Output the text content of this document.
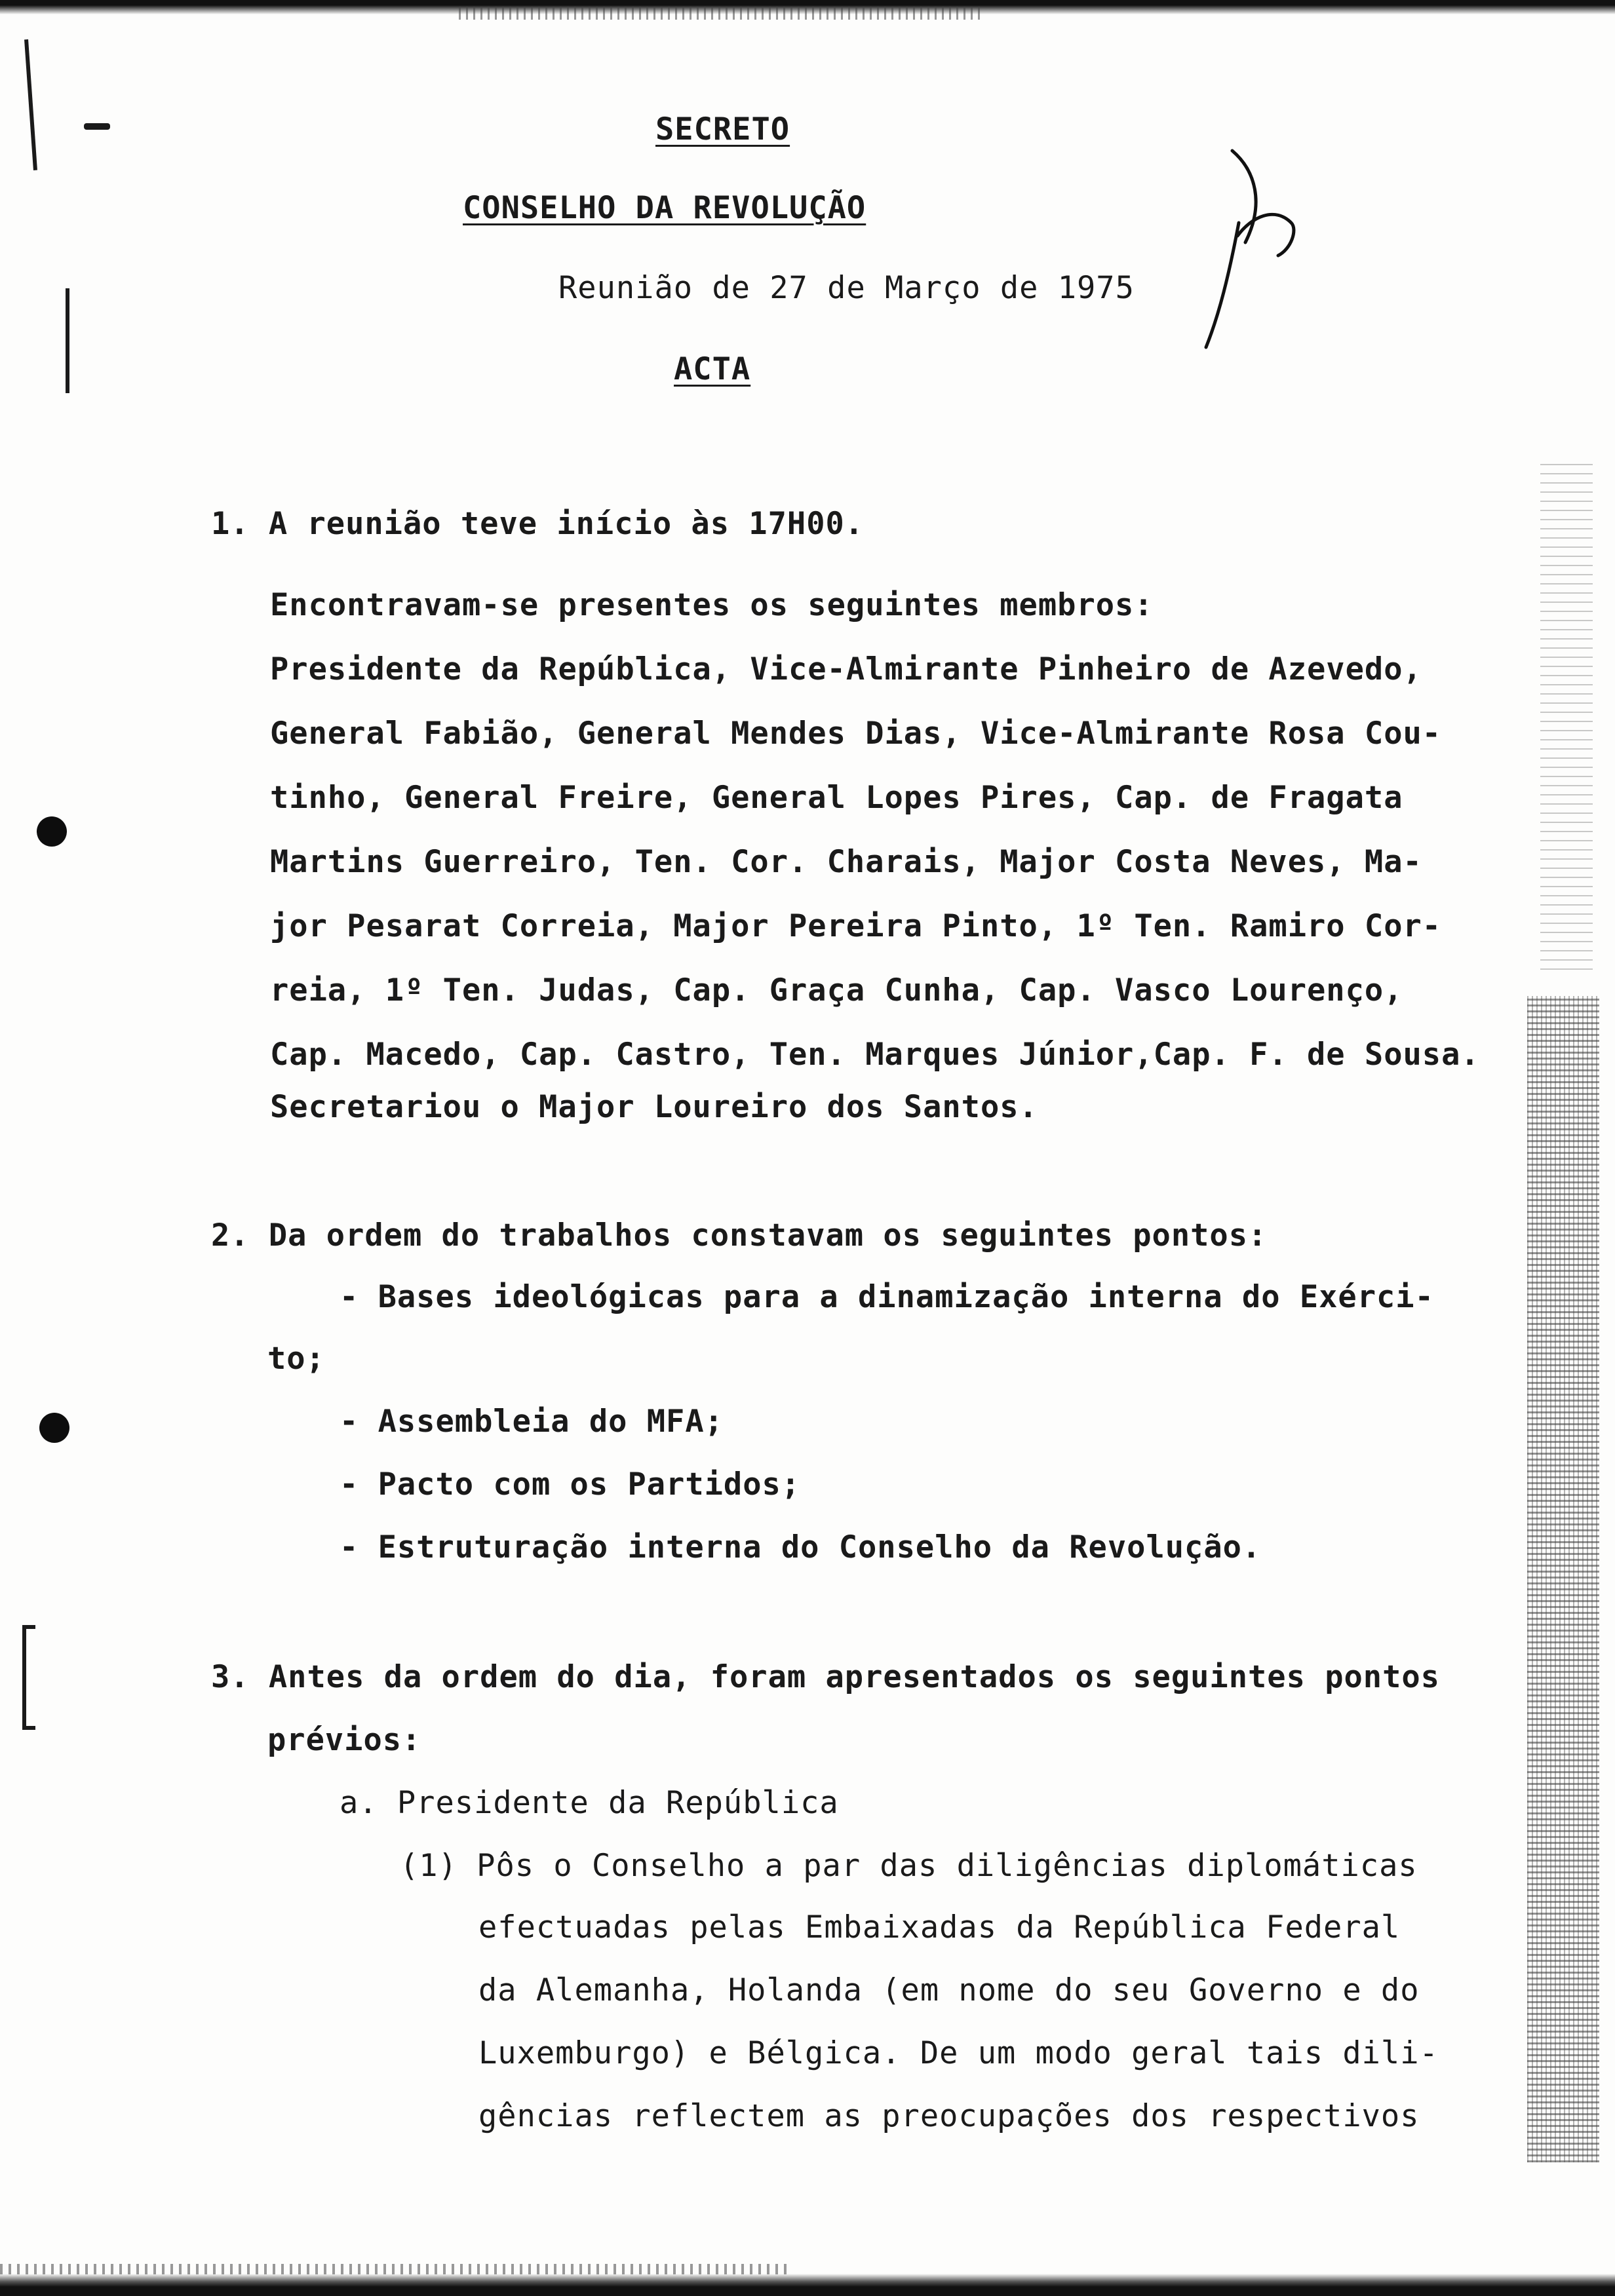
SECRETO
CONSELHO DA REVOLUÇÃO
Reunião de 27 de Março de 1975
ACTA
1. A reunião teve início às 17H00.
Encontravam-se presentes os seguintes membros:
Presidente da República, Vice-Almirante Pinheiro de Azevedo,
General Fabião, General Mendes Dias, Vice-Almirante Rosa Cou-
tinho, General Freire, General Lopes Pires, Cap. de Fragata
Martins Guerreiro, Ten. Cor. Charais, Major Costa Neves, Ma-
jor Pesarat Correia, Major Pereira Pinto, 1º Ten. Ramiro Cor-
reia, 1º Ten. Judas, Cap. Graça Cunha, Cap. Vasco Lourenço,
Cap. Macedo, Cap. Castro, Ten. Marques Júnior,Cap. F. de Sousa.
Secretariou o Major Loureiro dos Santos.
2. Da ordem do trabalhos constavam os seguintes pontos:
- Bases ideológicas para a dinamização interna do Exérci-
to;
- Assembleia do MFA;
- Pacto com os Partidos;
- Estruturação interna do Conselho da Revolução.
3. Antes da ordem do dia, foram apresentados os seguintes pontos
prévios:
a. Presidente da República
(1) Pôs o Conselho a par das diligências diplomáticas
efectuadas pelas Embaixadas da República Federal
da Alemanha, Holanda (em nome do seu Governo e do
Luxemburgo) e Bélgica. De um modo geral tais dili-
gências reflectem as preocupações dos respectivos
